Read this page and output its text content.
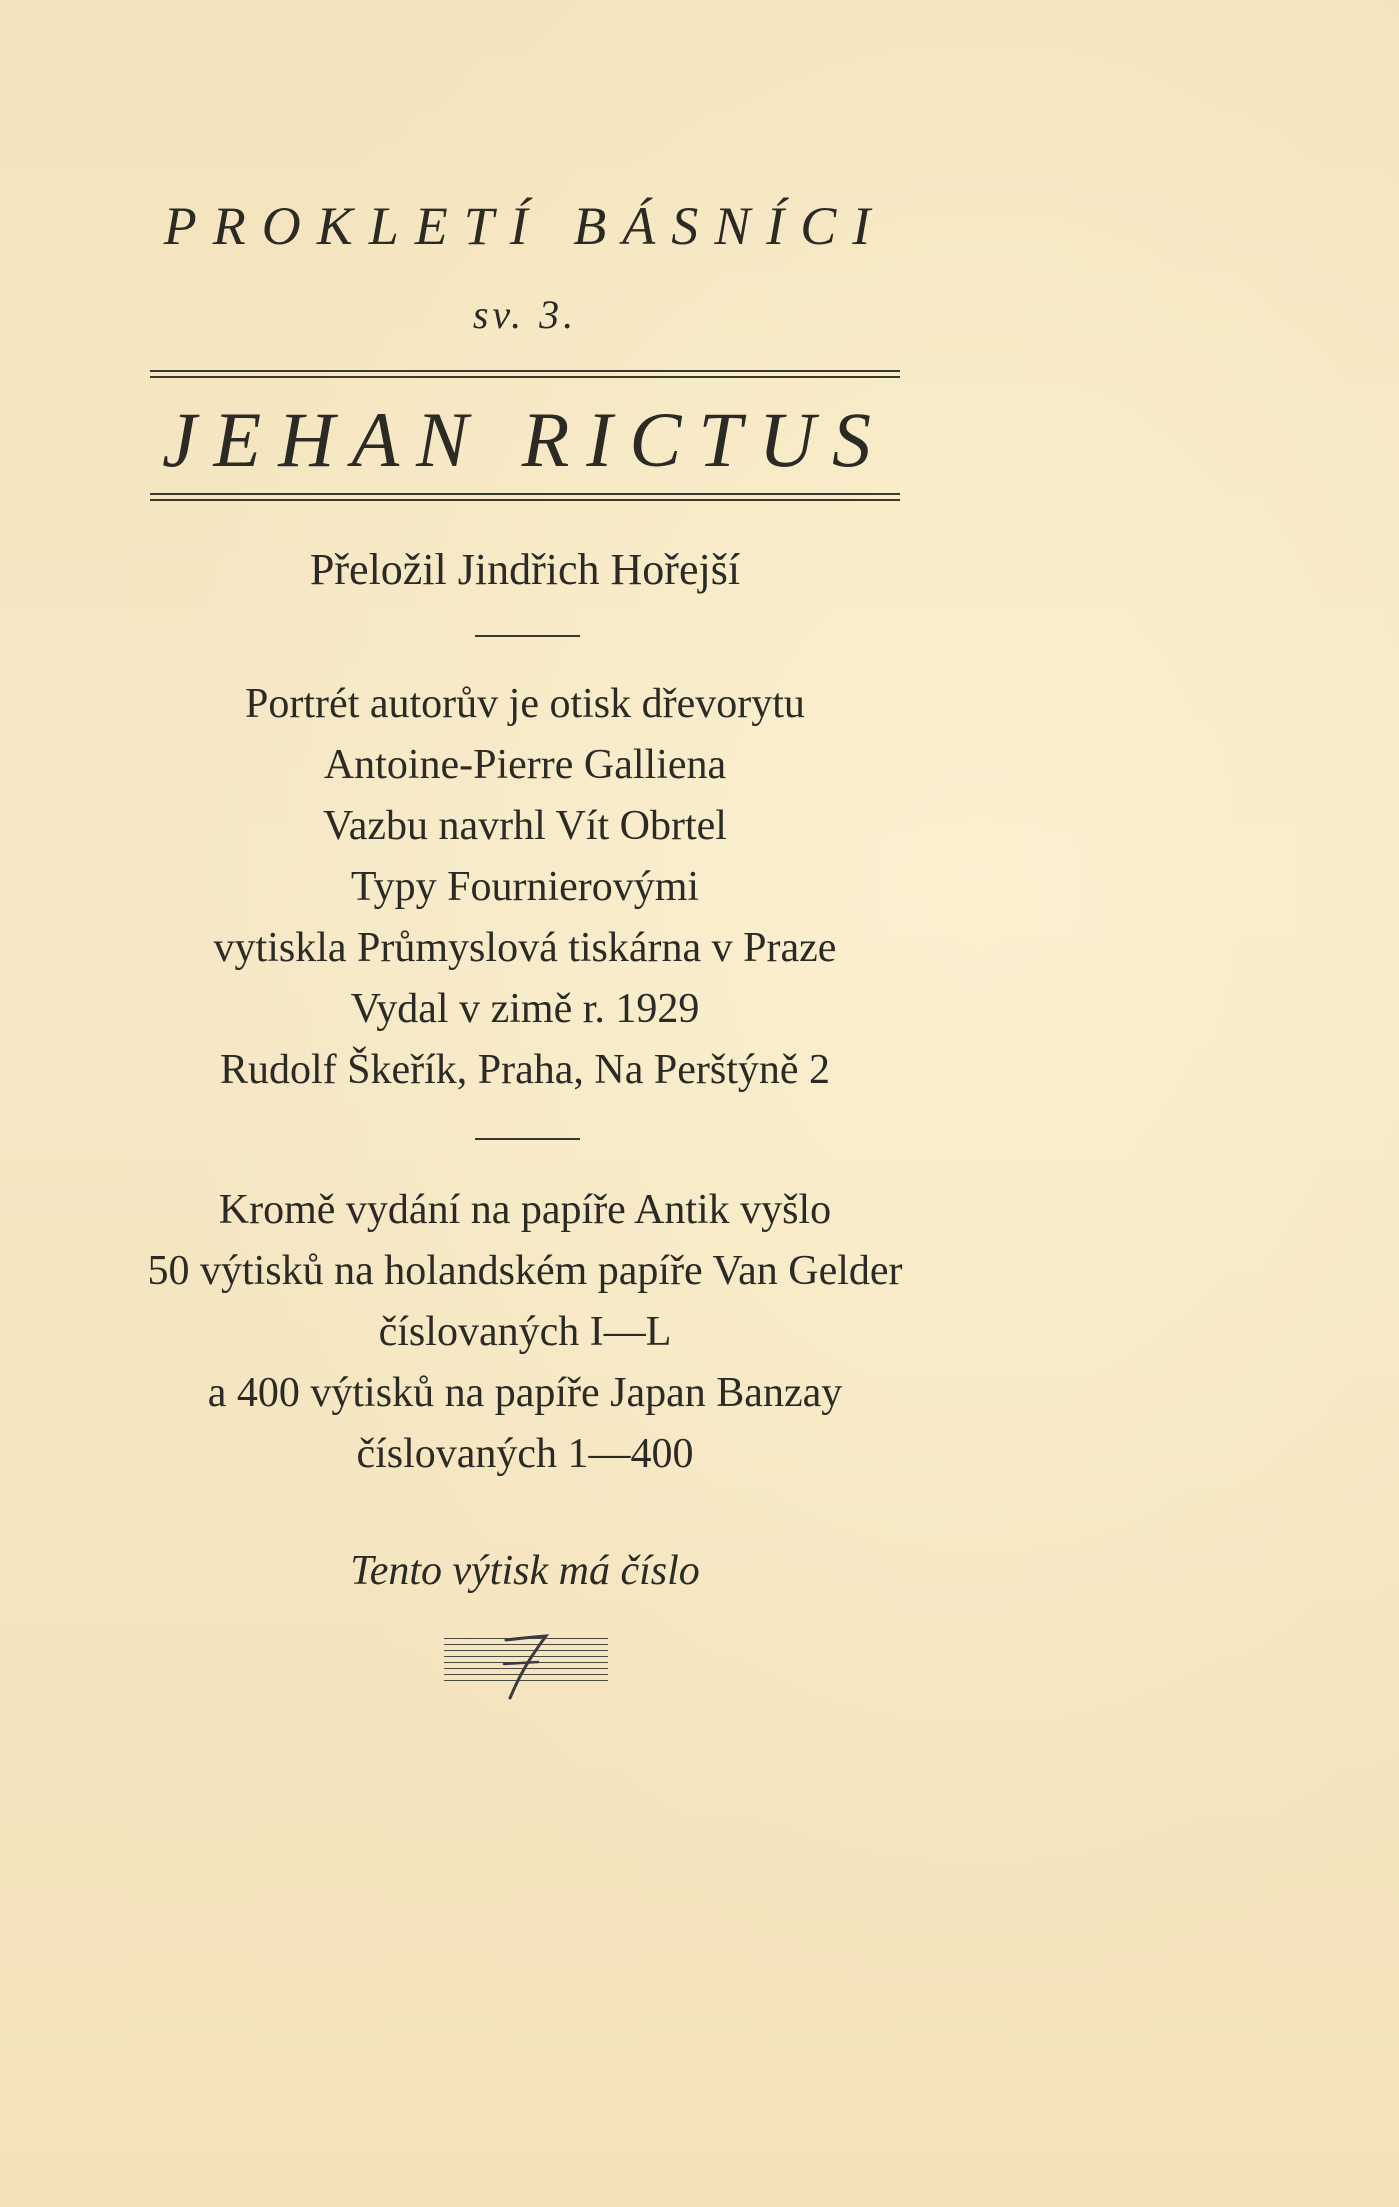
PROKLETÍ BÁSNÍCI
sv. 3.
JEHAN RICTUS
Přeložil Jindřich Hořejší
Portrét autorův je otisk dřevorytu
Antoine-Pierre Galliena
Vazbu navrhl Vít Obrtel
Typy Fournierovými
vytiskla Průmyslová tiskárna v Praze
Vydal v zimě r. 1929
Rudolf Škeřík, Praha, Na Perštýně 2
Kromě vydání na papíře Antik vyšlo
50 výtisků na holandském papíře Van Gelder
číslovaných I—L
a 400 výtisků na papíře Japan Banzay
číslovaných 1—400
Tento výtisk má číslo
